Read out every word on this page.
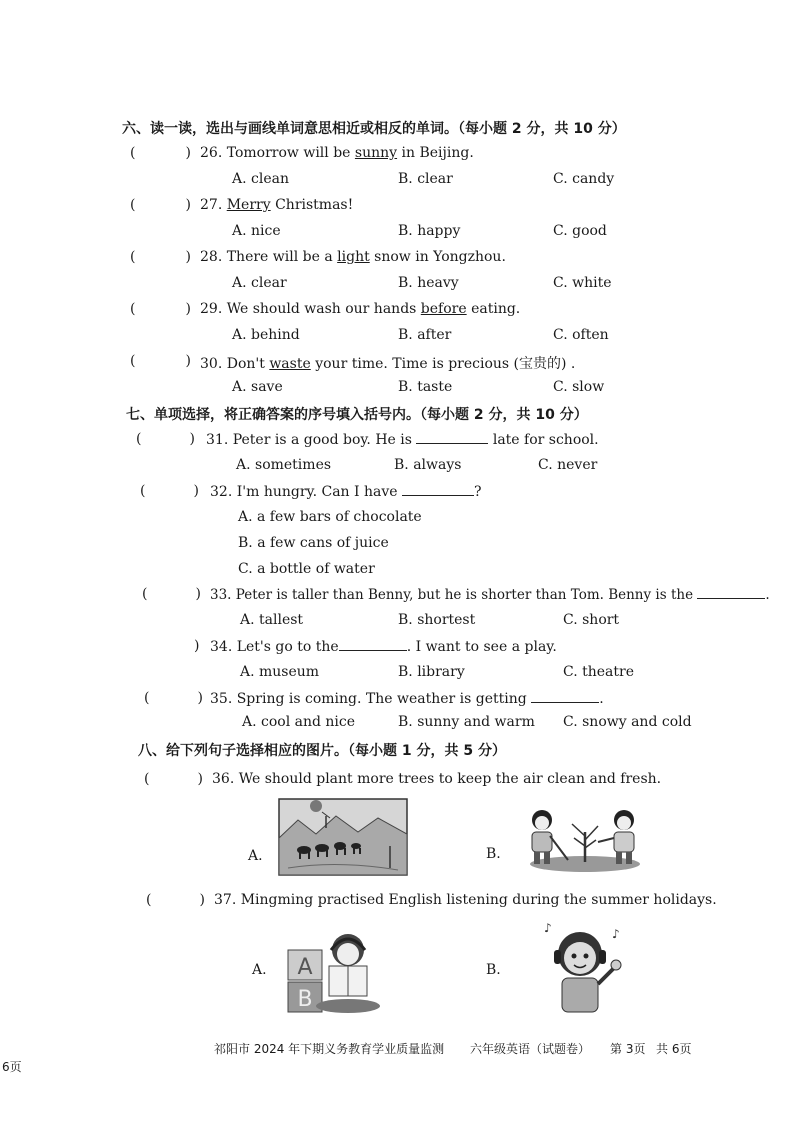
六、读一读，选出与画线单词意思相近或相反的单词。（每小题 2 分，共 10 分）
(	) 26. Tomorrow will be sunny in Beijing.
A. clean	B. clear	C. candy
(	) 27. Merry Christmas!
A. nice	B. happy	C. good
(	) 28. There will be a light snow in Yongzhou.
A. clear	B. heavy	C. white
(	) 29. We should wash our hands before eating.
A. behind	B. after	C. often
(	) 30. Don't waste your time. Time is precious (宝贵的) .
A. save	B. taste	C. slow
七、单项选择，将正确答案的序号填入括号内。（每小题 2 分，共 10 分）
(	) 31. Peter is a good boy. He is	late for school.
A. sometimes	B. always	C. never
(	) 32. I'm hungry. Can I have	?
A. a few bars of chocolate
B. a few cans of juice
C. a bottle of water
(	) 33. Peter is taller than Benny, but he is shorter than Tom. Benny is the	.
A. tallest	B. shortest	C. short
) 34. Let's go to the	. I want to see a play.
A. museum	B. library	C. theatre
(	) 35. Spring is coming. The weather is getting	.
A. cool and nice	B. sunny and warm C. snowy and cold
八、给下列句子选择相应的图片。（每小题 1 分，共 5 分）
(	) 36. We should plant more trees to keep the air clean and fresh.
A.	B.
(	) 37. Mingming practised English listening during the summer holidays.
A. A
B
B.
♪	♪
祁阳市 2024 年下期义务教育学业质量监测 六年级英语（试题卷） 第 3页 共 6页
6页
